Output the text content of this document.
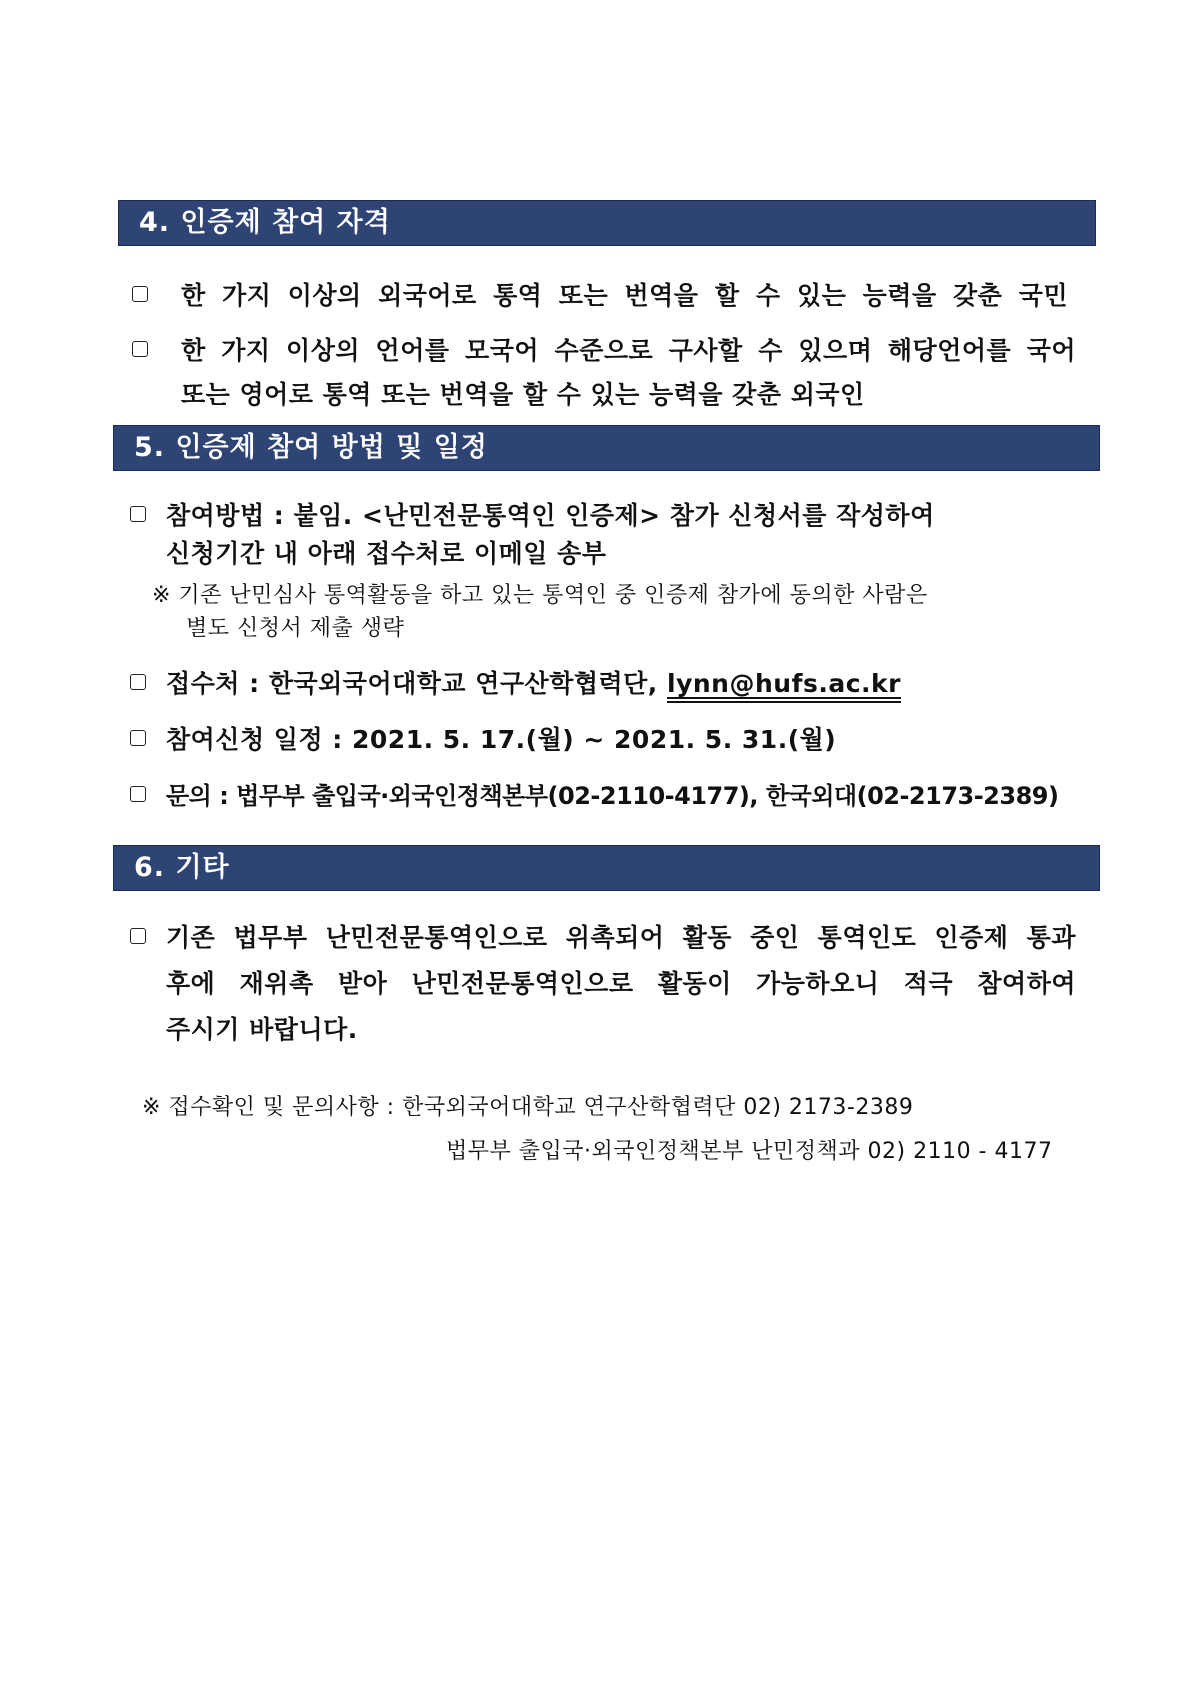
4. 인증제 참여 자격
한 가지 이상의 외국어로 통역 또는 번역을 할 수 있는 능력을 갖춘 국민
한 가지 이상의 언어를 모국어 수준으로 구사할 수 있으며 해당언어를 국어
또는 영어로 통역 또는 번역을 할 수 있는 능력을 갖춘 외국인
5. 인증제 참여 방법 및 일정
참여방법 : 붙임. <난민전문통역인 인증제> 참가 신청서를 작성하여
신청기간 내 아래 접수처로 이메일 송부
※ 기존 난민심사 통역활동을 하고 있는 통역인 중 인증제 참가에 동의한 사람은
별도 신청서 제출 생략
접수처 : 한국외국어대학교 연구산학협력단, lynn@hufs.ac.kr
참여신청 일정 : 2021. 5. 17.(월) ~ 2021. 5. 31.(월)
문의 : 법무부 출입국·외국인정책본부(02-2110-4177), 한국외대(02-2173-2389)
6. 기타
기존 법무부 난민전문통역인으로 위촉되어 활동 중인 통역인도 인증제 통과
후에 재위촉 받아 난민전문통역인으로 활동이 가능하오니 적극 참여하여
주시기 바랍니다.
※ 접수확인 및 문의사항 : 한국외국어대학교 연구산학협력단 02) 2173-2389
법무부 출입국·외국인정책본부 난민정책과 02) 2110 - 4177
